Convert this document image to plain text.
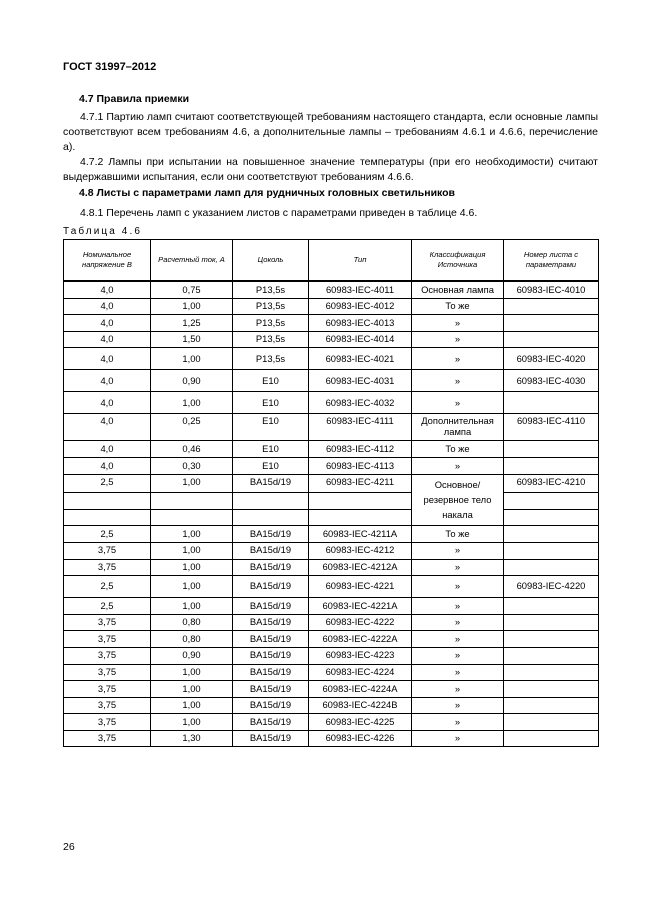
ГОСТ 31997–2012
4.7 Правила приемки
4.7.1 Партию ламп считают соответствующей требованиям настоящего стандарта, если основные лампы соответствуют всем требованиям 4.6, а дополнительные лампы – требованиям 4.6.1 и 4.6.6, перечисление а).
4.7.2 Лампы при испытании на повышенное значение температуры (при его необходимости) считают выдержавшими испытания, если они соответствуют требованиям 4.6.6.
4.8 Листы с параметрами ламп для рудничных головных светильников
4.8.1 Перечень ламп с указанием листов с параметрами приведен в таблице 4.6.
Таблица 4.6
Номинальное напряжение В	Расчетный ток, А	Цоколь	Тип	Классификация Источника	Номер листа с параметрами
4,0	0,75	P13,5s	60983-IEC-4011	Основная лампа	60983-IEC-4010
4,0	1,00	P13,5s	60983-IEC-4012	То же	
4,0	1,25	P13,5s	60983-IEC-4013	»	
4,0	1,50	P13,5s	60983-IEC-4014	»	
4,0	1,00	P13,5s	60983-IEC-4021	»	60983-IEC-4020
4,0	0,90	E10	60983-IEC-4031	»	60983-IEC-4030
4,0	1,00	E10	60983-IEC-4032	»	
4,0	0,25	E10	60983-IEC-4111	Дополнительная лампа	60983-IEC-4110
4,0	0,46	E10	60983-IEC-4112	То же	
4,0	0,30	E10	60983-IEC-4113	»	
2,5	1,00	BA15d/19	60983-IEC-4211	Основное/ резервное тело накала	60983-IEC-4210

2,5	1,00	BA15d/19	60983-IEC-4211A	То же	
3,75	1,00	BA15d/19	60983-IEC-4212	»	
3,75	1,00	BA15d/19	60983-IEC-4212A	»	
2,5	1,00	BA15d/19	60983-IEC-4221	»	60983-IEC-4220
2,5	1,00	BA15d/19	60983-IEC-4221A	»	
3,75	0,80	BA15d/19	60983-IEC-4222	»	
3,75	0,80	BA15d/19	60983-IEC-4222A	»	
3,75	0,90	BA15d/19	60983-IEC-4223	»	
3,75	1,00	BA15d/19	60983-IEC-4224	»	
3,75	1,00	BA15d/19	60983-IEC-4224A	»	
3,75	1,00	BA15d/19	60983-IEC-4224B	»	
3,75	1,00	BA15d/19	60983-IEC-4225	»	
3,75	1,30	BA15d/19	60983-IEC-4226	»	
26
